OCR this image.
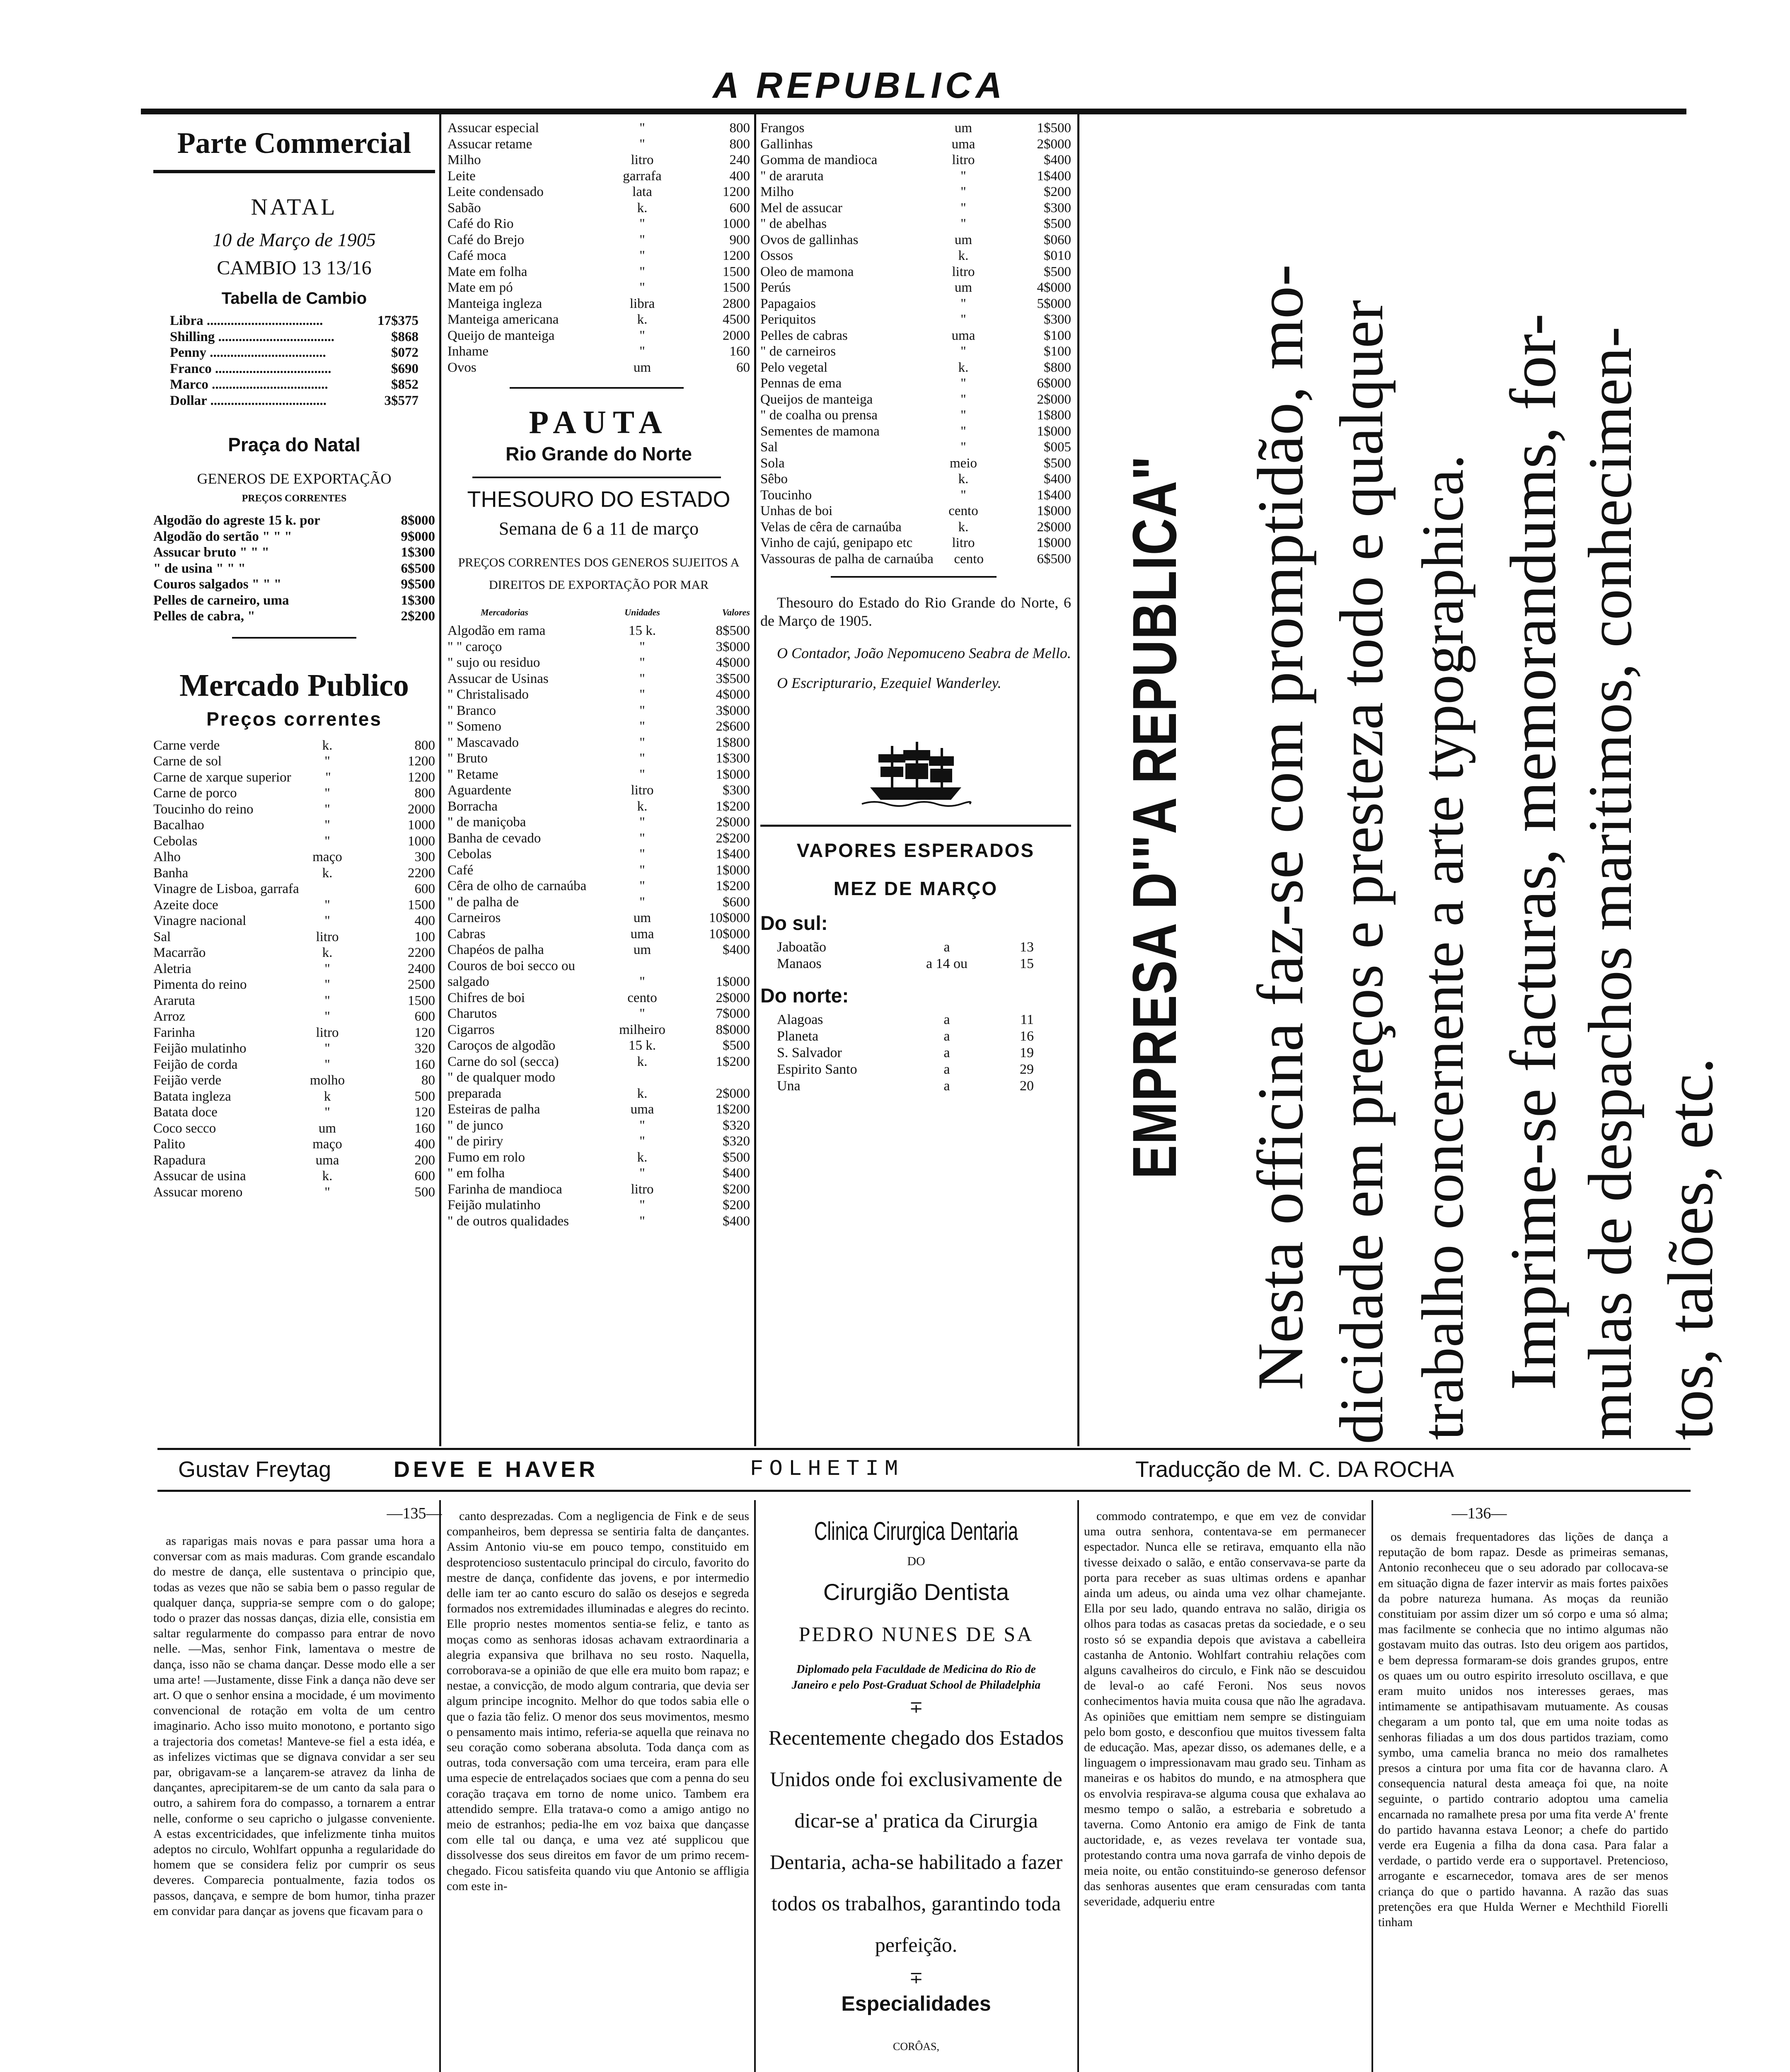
A REPUBLICA
Parte Commercial
NATAL
10 de Março de 1905
CAMBIO 13 13/16
Tabella de Cambio
Libra ..................................	17$375
Shilling ..................................	$868
Penny ..................................	$072
Franco ..................................	$690
Marco ..................................	$852
Dollar ..................................	3$577
Praça do Natal
GENEROS DE EXPORTAÇÃO
PREÇOS CORRENTES
Algodão do agreste 15 k. por	8$000
Algodão do sertão " " "	9$000
Assucar bruto " " "	1$300
" de usina " " "	6$500
Couros salgados " " "	9$500
Pelles de carneiro, uma	1$300
Pelles de cabra, "	2$200
Mercado Publico
Preços correntes
Carne verde	k.	800
Carne de sol	"	1200
Carne de xarque superior	"	1200
Carne de porco	"	800
Toucinho do reino	"	2000
Bacalhao	"	1000
Cebolas	"	1000
Alho	maço	300
Banha	k.	2200
Vinagre de Lisboa, garrafa	600
Azeite doce	"	1500
Vinagre nacional	"	400
Sal	litro	100
Macarrão	k.	2200
Aletria	"	2400
Pimenta do reino	"	2500
Araruta	"	1500
Arroz	"	600
Farinha	litro	120
Feijão mulatinho	"	320
Feijão de corda	"	160
Feijão verde	molho	80
Batata ingleza	k	500
Batata doce	"	120
Coco secco	um	160
Palito	maço	400
Rapadura	uma	200
Assucar de usina	k.	600
Assucar moreno	"	500
Assucar especial	"	800
Assucar retame	"	800
Milho	litro	240
Leite	garrafa	400
Leite condensado	lata	1200
Sabão	k.	600
Café do Rio	"	1000
Café do Brejo	"	900
Café moca	"	1200
Mate em folha	"	1500
Mate em pó	"	1500
Manteiga ingleza	libra	2800
Manteiga americana	k.	4500
Queijo de manteiga	"	2000
Inhame	"	160
Ovos	um	60
PAUTA
Rio Grande do Norte
THESOURO DO ESTADO
Semana de 6 a 11 de março
PREÇOS CORRENTES DOS GENEROS SUJEITOS A DIREITOS DE EXPORTAÇÃO POR MAR
Mercadorias	Unidades	Valores
Algodão em rama	15 k.	8$500
" " caroço	"	3$000
" sujo ou residuo	"	4$000
Assucar de Usinas	"	3$500
" Christalisado	"	4$000
" Branco	"	3$000
" Someno	"	2$600
" Mascavado	"	1$800
" Bruto	"	1$300
" Retame	"	1$000
Aguardente	litro	$300
Borracha	k.	1$200
" de maniçoba	"	2$000
Banha de cevado	"	2$200
Cebolas	"	1$400
Café	"	1$000
Cêra de olho de carnaúba	"	1$200
" de palha de	"	$600
Carneiros	um	10$000
Cabras	uma	10$000
Chapéos de palha	um	$400
Couros de boi secco ou
salgado	"	1$000
Chifres de boi	cento	2$000
Charutos	"	7$000
Cigarros	milheiro	8$000
Caroços de algodão	15 k.	$500
Carne do sol (secca)	k.	1$200
" de qualquer modo
preparada	k.	2$000
Esteiras de palha	uma	1$200
" de junco	"	$320
" de piriry	"	$320
Fumo em rolo	k.	$500
" em folha	"	$400
Farinha de mandioca	litro	$200
Feijão mulatinho	"	$200
" de outros qualidades	"	$400
Frangos	um	1$500
Gallinhas	uma	2$000
Gomma de mandioca	litro	$400
" de araruta	"	1$400
Milho	"	$200
Mel de assucar	"	$300
" de abelhas	"	$500
Ovos de gallinhas	um	$060
Ossos	k.	$010
Oleo de mamona	litro	$500
Perús	um	4$000
Papagaios	"	5$000
Periquitos	"	$300
Pelles de cabras	uma	$100
" de carneiros	"	$100
Pelo vegetal	k.	$800
Pennas de ema	"	6$000
Queijos de manteiga	"	2$000
" de coalha ou prensa	"	1$800
Sementes de mamona	"	1$000
Sal	"	$005
Sola	meio	$500
Sêbo	k.	$400
Toucinho	"	1$400
Unhas de boi	cento	1$000
Velas de cêra de carnaúba	k.	2$000
Vinho de cajú, genipapo etc	litro	1$000
Vassouras de palha de carnaúba	cento	6$500
Thesouro do Estado do Rio Grande do Norte, 6 de Março de 1905.
O Contador, João Nepomuceno Seabra de Mello.
O Escripturario, Ezequiel Wanderley.
VAPORES ESPERADOS
MEZ DE MARÇO
Do sul:
Jaboatão	a	13
Manaos	a 14 ou	15
Do norte:
Alagoas	a	11
Planeta	a	16
S. Salvador	a	19
Espirito Santo	a	29
Una	a	20 EMPRESA D'"A REPUBLICA" Nesta officina faz-se com promptidão, mo- dicidade em preços e presteza todo e qualquer trabalho concernente a arte typographica. Imprime-se facturas, memorandums, for- mulas de despachos maritimos, conhecimen- tos, talões, etc.
Gustav Freytag	DEVE E HAVER	FOLHETIM	Traducção de M. C. DA ROCHA
—135—	—136—

as raparigas mais novas e para passar uma hora a conversar com as mais maduras. Com grande escandalo do mestre de dança, elle sustentava o principio que, todas as vezes que não se sabia bem o passo regular de qualquer dança, suppria-se sempre com o do galope; todo o prazer das nossas danças, dizia elle, consistia em saltar regularmente do compasso para entrar de novo nelle. —Mas, senhor Fink, lamentava o mestre de dança, isso não se chama dançar. Desse modo elle a ser uma arte! —Justamente, disse Fink a dança não deve ser art. O que o senhor ensina a mocidade, é um movimento convencional de rotação em volta de um centro imaginario. Acho isso muito monotono, e portanto sigo a trajectoria dos cometas! Manteve-se fiel a esta idéa, e as infelizes victimas que se dignava convidar a ser seu par, obrigavam-se a lançarem-se atravez da linha de dançantes, aprecipitarem-se de um canto da sala para o outro, a sahirem fora do compasso, a tornarem a entrar nelle, conforme o seu capricho o julgasse conveniente. A estas excentricidades, que infelizmente tinha muitos adeptos no circulo, Wohlfart oppunha a regularidade do homem que se considera feliz por cumprir os seus deveres. Comparecia pontualmente, fazia todos os passos, dançava, e sempre de bom humor, tinha prazer em convidar para dançar as jovens que ficavam para o

canto desprezadas. Com a negligencia de Fink e de seus companheiros, bem depressa se sentiria falta de dançantes. Assim Antonio viu-se em pouco tempo, constituido em desprotencioso sustentaculo principal do circulo, favorito do mestre de dança, confidente das jovens, e por intermedio delle iam ter ao canto escuro do salão os desejos e segreda formados nos extremidades illuminadas e alegres do recinto. Elle proprio nestes momentos sentia-se feliz, e tanto as moças como as senhoras idosas achavam extraordinaria a alegria expansiva que brilhava no seu rosto. Naquella, corroborava-se a opinião de que elle era muito bom rapaz; e nestae, a convicção, de modo algum contraria, que devia ser algum principe incognito. Melhor do que todos sabia elle o que o fazia tão feliz. O menor dos seus movimentos, mesmo o pensamento mais intimo, referia-se aquella que reinava no seu coração como soberana absoluta. Toda dança com as outras, toda conversação com uma terceira, eram para elle uma especie de entrelaçados sociaes que com a penna do seu coração traçava em torno de nome unico. Tambem era attendido sempre. Ella tratava-o como a amigo antigo no meio de estranhos; pedia-lhe em voz baixa que dançasse com elle tal ou dança, e uma vez até supplicou que dissolvesse dos seus direitos em favor de um primo recem-chegado. Ficou satisfeita quando viu que Antonio se affligia com este in-

commodo contratempo, e que em vez de convidar uma outra senhora, contentava-se em permanecer espectador. Nunca elle se retirava, emquanto ella não tivesse deixado o salão, e então conservava-se parte da porta para receber as suas ultimas ordens e apanhar ainda um adeus, ou ainda uma vez olhar chamejante. Ella por seu lado, quando entrava no salão, dirigia os olhos para todas as casacas pretas da sociedade, e o seu rosto só se expandia depois que avistava a cabelleira castanha de Antonio. Wohlfart contrahiu relações com alguns cavalheiros do circulo, e Fink não se descuidou de leval-o ao café Feroni. Nos seus novos conhecimentos havia muita cousa que não lhe agradava. As opiniões que emittiam nem sempre se distinguiam pelo bom gosto, e desconfiou que muitos tivessem falta de educação. Mas, apezar disso, os ademanes delle, e a linguagem o impressionavam mau grado seu. Tinham as maneiras e os habitos do mundo, e na atmosphera que os envolvia respirava-se alguma cousa que exhalava ao mesmo tempo o salão, a estrebaria e sobretudo a taverna. Como Antonio era amigo de Fink de tanta auctoridade, e, as vezes revelava ter vontade sua, protestando contra uma nova garrafa de vinho depois de meia noite, ou então constituindo-se generoso defensor das senhoras ausentes que eram censuradas com tanta severidade, adqueriu entre

os demais frequentadores das lições de dança a reputação de bom rapaz. Desde as primeiras semanas, Antonio reconheceu que o seu adorado par collocava-se em situação digna de fazer intervir as mais fortes paixões da pobre natureza humana. As moças da reunião constituiam por assim dizer um só corpo e uma só alma; mas facilmente se conhecia que no intimo algumas não gostavam muito das outras. Isto deu origem aos partidos, e bem depressa formaram-se dois grandes grupos, entre os quaes um ou outro espirito irresoluto oscillava, e que eram muito unidos nos interesses geraes, mas intimamente se antipathisavam mutuamente. As cousas chegaram a um ponto tal, que em uma noite todas as senhoras filiadas a um dos dous partidos traziam, como symbo, uma camelia branca no meio dos ramalhetes presos a cintura por uma fita cor de havanna claro. A consequencia natural desta ameaça foi que, na noite seguinte, o partido contrario adoptou uma camelia encarnada no ramalhete presa por uma fita verde A' frente do partido havanna estava Leonor; a chefe do partido verde era Eugenia a filha da dona casa. Para falar a verdade, o partido verde era o supportavel. Pretencioso, arrogante e escarnecedor, tomava ares de ser menos criança do que o partido havanna. A razão das suas pretenções era que Hulda Werner e Mechthild Fiorelli tinham

Clinica Cirurgica Dentaria
DO
Cirurgião Dentista
PEDRO NUNES DE SA
Diplomado pela Faculdade de Medicina do Rio de Janeiro e pelo Post-Graduat School de Philadelphia
∓
Recentemente chegado dos Estados Unidos onde foi exclusivamente de dicar-se a' pratica da Cirurgia Dentaria, acha-se habilitado a fazer todos os trabalhos, garantindo toda perfeição.
∓
Especialidades
CORÔAS,
